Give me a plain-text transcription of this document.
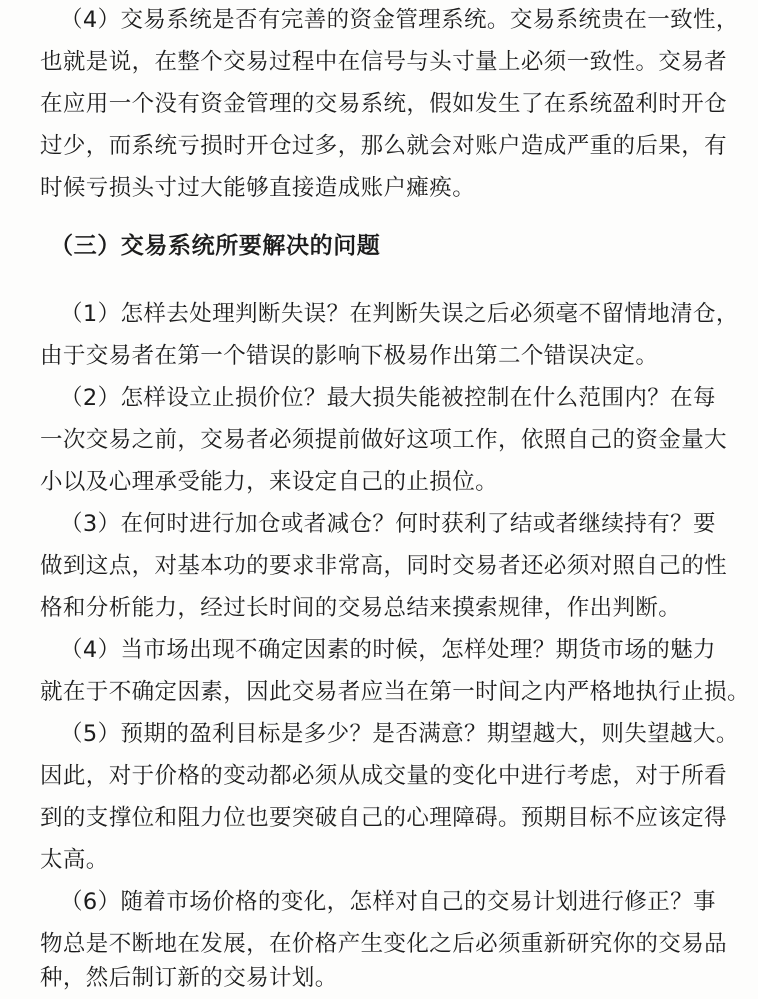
（4）交易系统是否有完善的资金管理系统。交易系统贵在一致性，
也就是说，在整个交易过程中在信号与头寸量上必须一致性。交易者
在应用一个没有资金管理的交易系统，假如发生了在系统盈利时开仓
过少，而系统亏损时开仓过多，那么就会对账户造成严重的后果，有
时候亏损头寸过大能够直接造成账户瘫痪。
（三）交易系统所要解决的问题
（1）怎样去处理判断失误？在判断失误之后必须毫不留情地清仓，
由于交易者在第一个错误的影响下极易作出第二个错误决定。
（2）怎样设立止损价位？最大损失能被控制在什么范围内？在每
一次交易之前，交易者必须提前做好这项工作，依照自己的资金量大
小以及心理承受能力，来设定自己的止损位。
（3）在何时进行加仓或者减仓？何时获利了结或者继续持有？要
做到这点，对基本功的要求非常高，同时交易者还必须对照自己的性
格和分析能力，经过长时间的交易总结来摸索规律，作出判断。
（4）当市场出现不确定因素的时候，怎样处理？期货市场的魅力
就在于不确定因素，因此交易者应当在第一时间之内严格地执行止损。
（5）预期的盈利目标是多少？是否满意？期望越大，则失望越大。
因此，对于价格的变动都必须从成交量的变化中进行考虑，对于所看
到的支撑位和阻力位也要突破自己的心理障碍。预期目标不应该定得
太高。
（6）随着市场价格的变化，怎样对自己的交易计划进行修正？事
物总是不断地在发展，在价格产生变化之后必须重新研究你的交易品
种，然后制订新的交易计划。
